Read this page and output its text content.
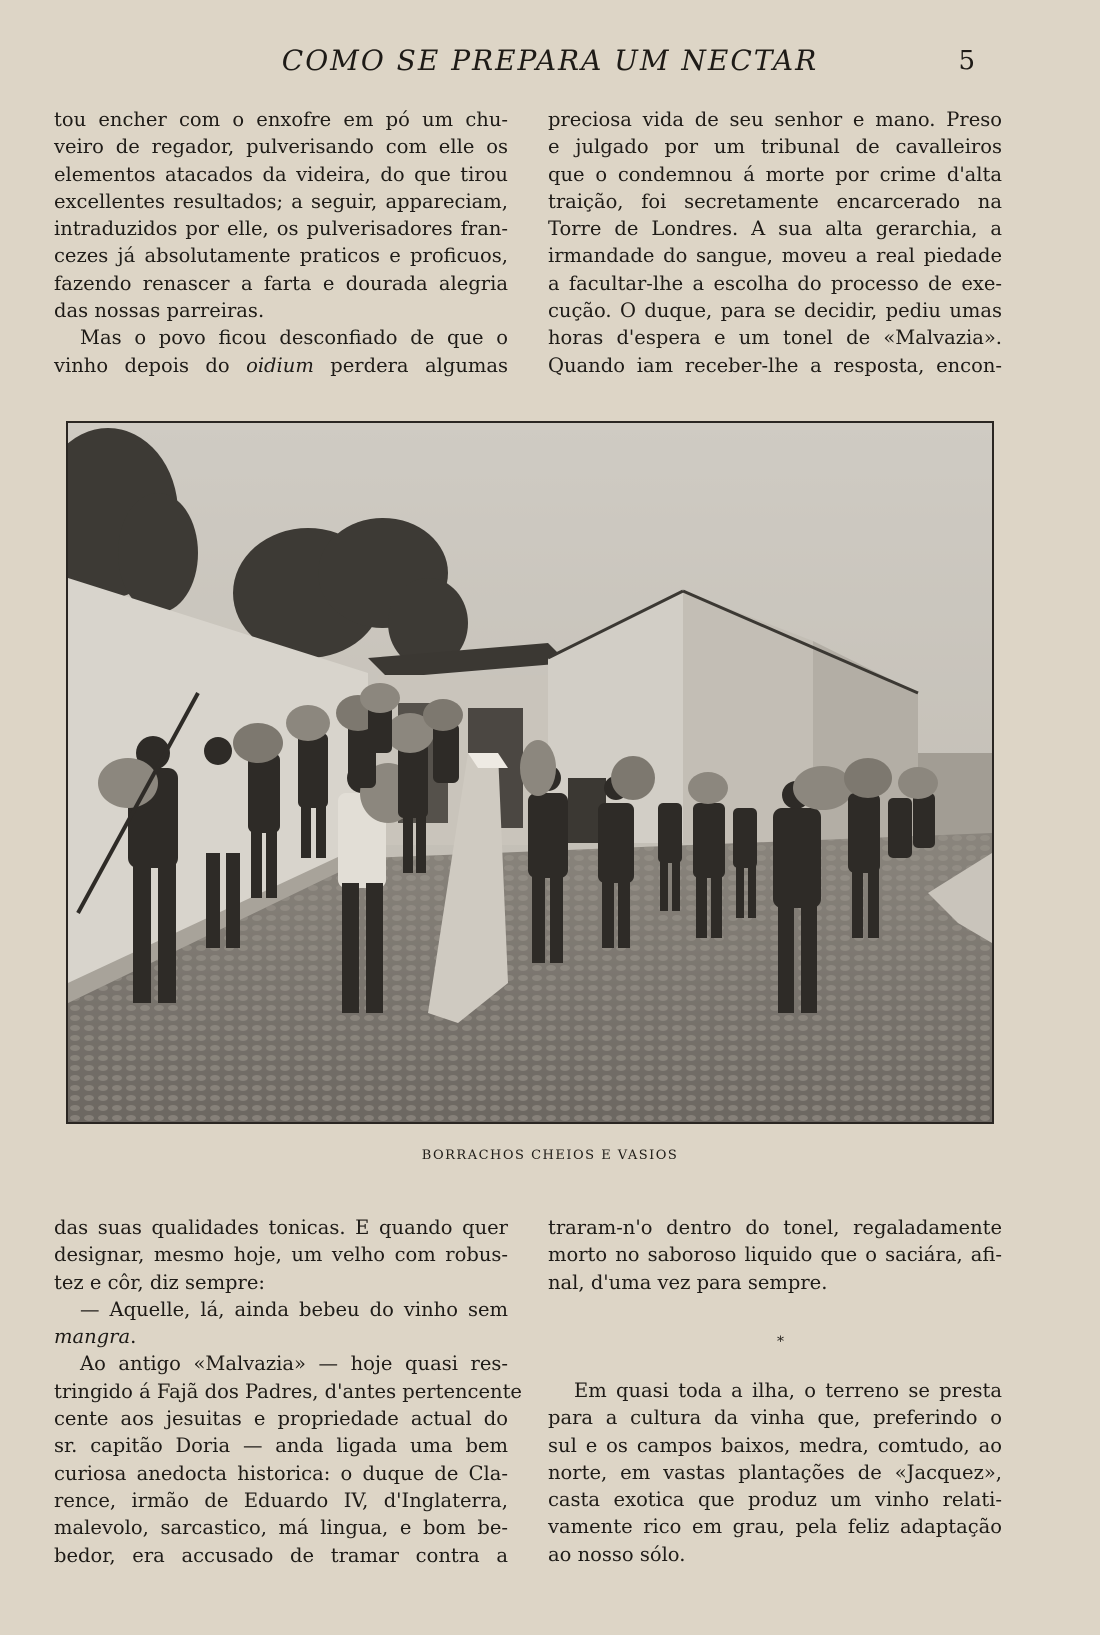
COMO SE PREPARA UM NECTAR	5

tou encher com o enxofre em pó um chu-
veiro de regador, pulverisando com elle os
elementos atacados da videira, do que tirou
excellentes resultados; a seguir, appareciam,
intraduzidos por elle, os pulverisadores fran-
cezes já absolutamente praticos e proficuos,
fazendo renascer a farta e dourada alegria
das nossas parreiras.

Mas o povo ficou desconfiado de que o
vinho depois do oidium perdera algumas

preciosa vida de seu senhor e mano. Preso
e julgado por um tribunal de cavalleiros
que o condemnou á morte por crime d'alta
traição, foi secretamente encarcerado na
Torre de Londres. A sua alta gerarchia, a
irmandade do sangue, moveu a real piedade
a facultar-lhe a escolha do processo de exe-
cução. O duque, para se decidir, pediu umas
horas d'espera e um tonel de «Malvazia».
Quando iam receber-lhe a resposta, encon-

BORRACHOS CHEIOS E VASIOS

das suas qualidades tonicas. E quando quer
designar, mesmo hoje, um velho com robus-
tez e côr, diz sempre:

— Aquelle, lá, ainda bebeu do vinho sem
mangra.

Ao antigo «Malvazia» — hoje quasi res-
tringido á Fajã dos Padres, d'antes pertencente
cente aos jesuitas e propriedade actual do
sr. capitão Doria — anda ligada uma bem
curiosa anedocta historica: o duque de Cla-
rence, irmão de Eduardo IV, d'Inglaterra,
malevolo, sarcastico, má lingua, e bom be-
bedor, era accusado de tramar contra a

traram-n'o dentro do tonel, regaladamente
morto no saboroso liquido que o saciára, afi-
nal, d'uma vez para sempre.

*

Em quasi toda a ilha, o terreno se presta
para a cultura da vinha que, preferindo o
sul e os campos baixos, medra, comtudo, ao
norte, em vastas plantações de «Jacquez»,
casta exotica que produz um vinho relati-
vamente rico em grau, pela feliz adaptação
ao nosso sólo.
